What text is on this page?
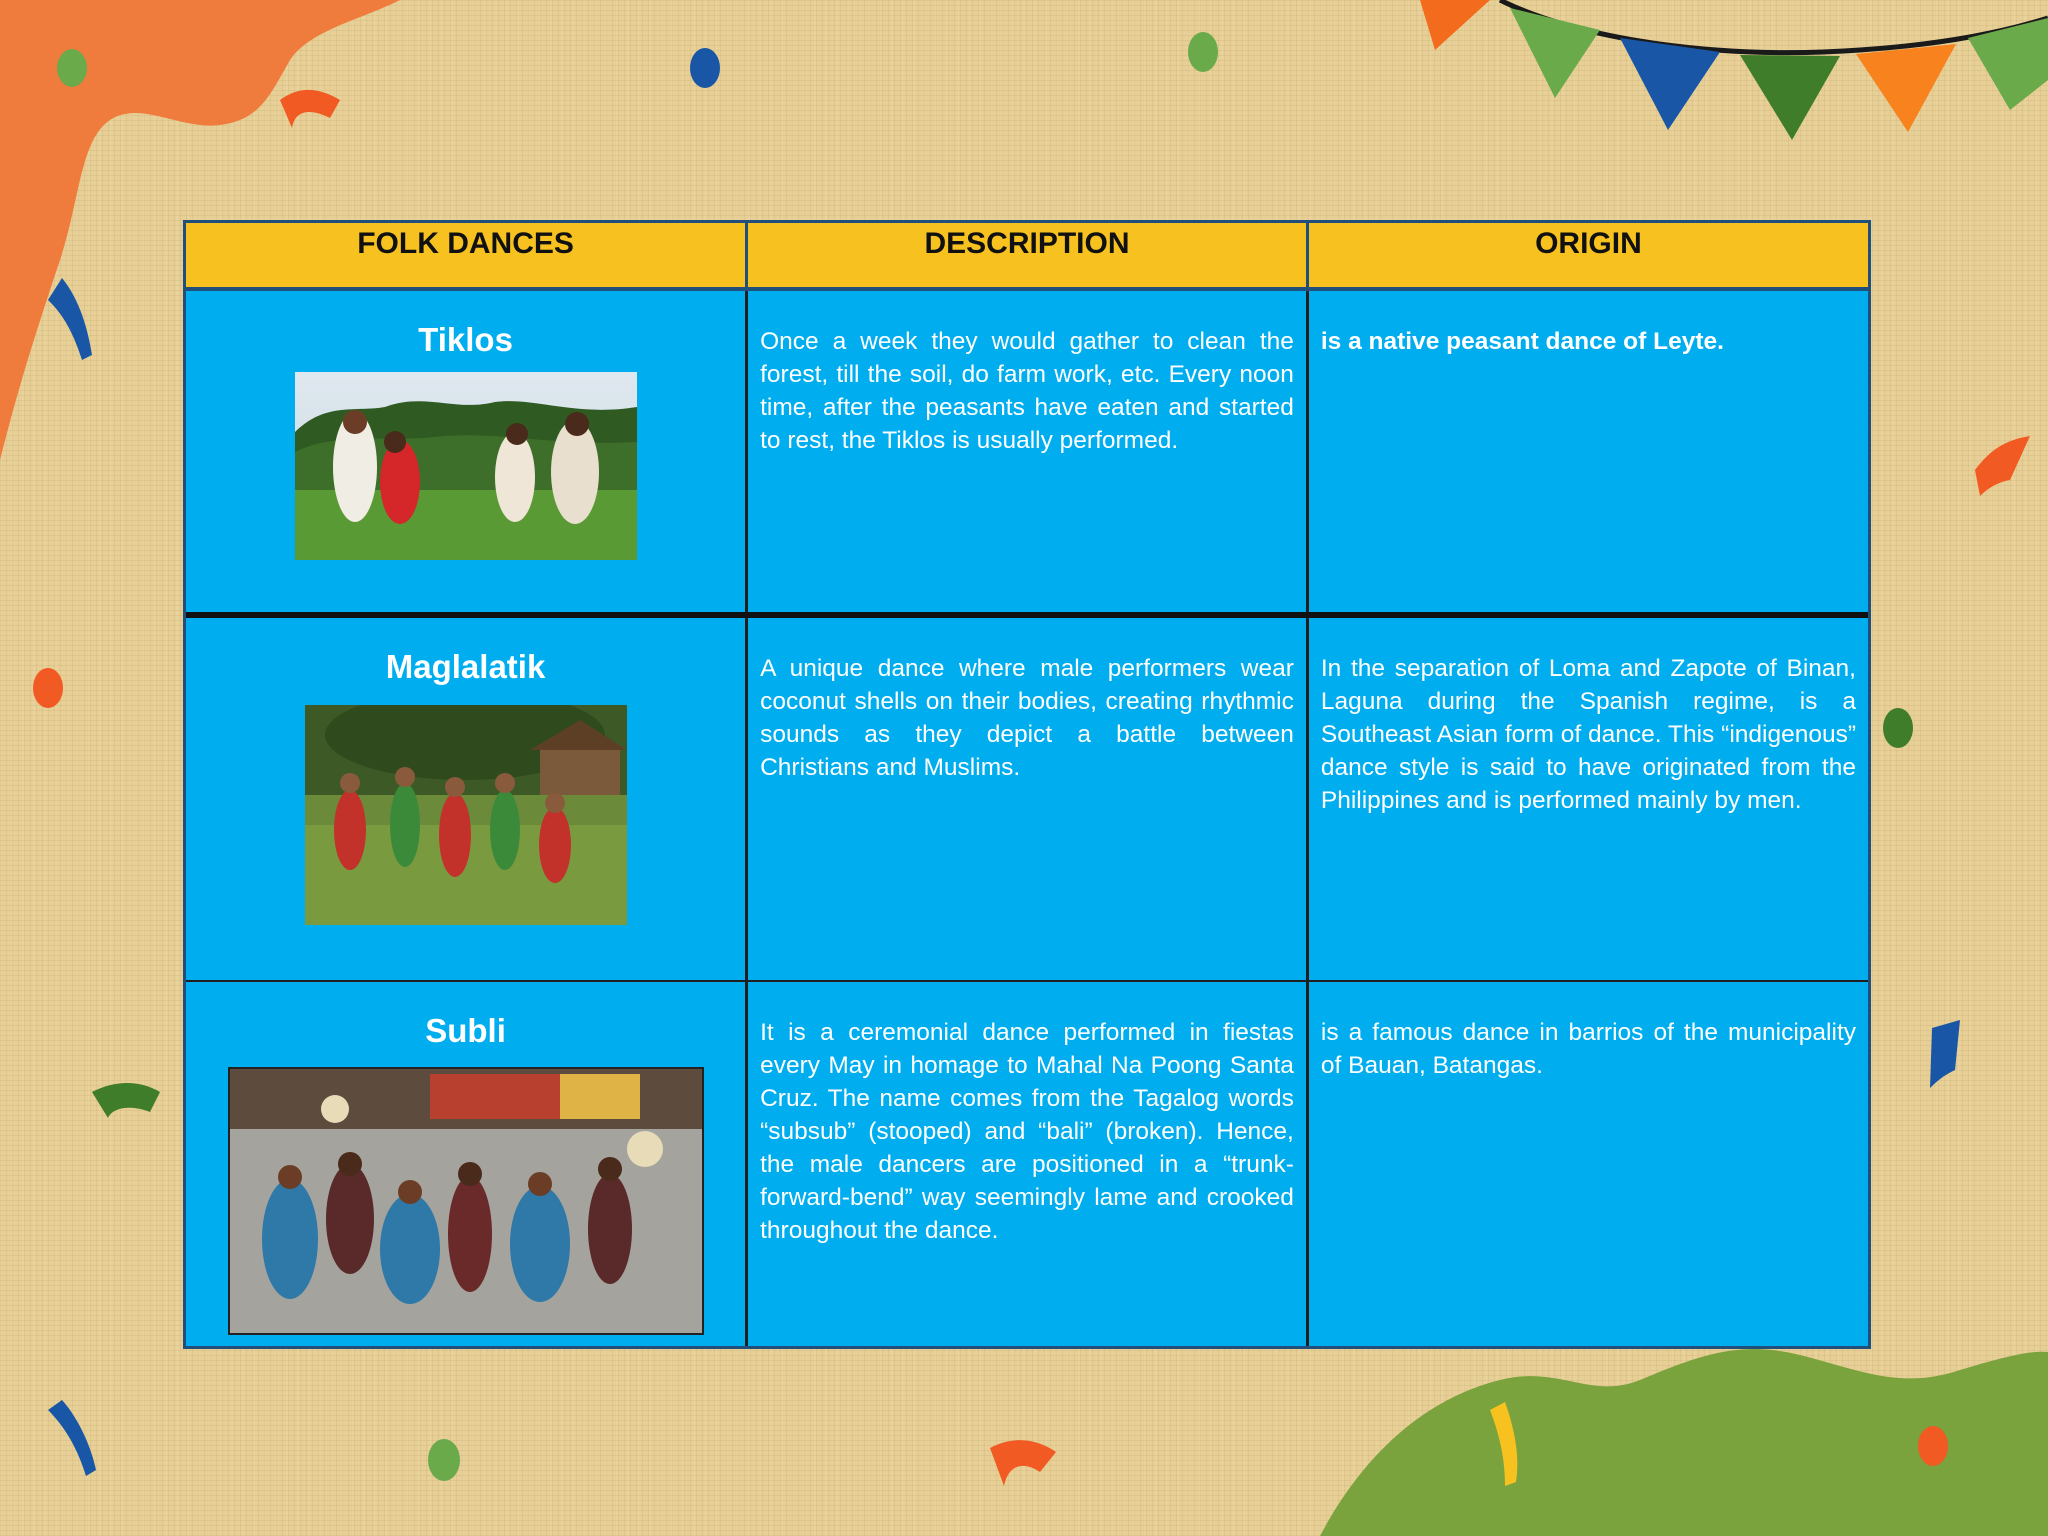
FOLK DANCES	DESCRIPTION	ORIGIN

Tiklos	Once a week they would gather to clean the forest, till the soil, do farm work, etc. Every noon time, after the peasants have eaten and started to rest, the Tiklos is usually performed.	is a native peasant dance of Leyte.

Maglalatik	A unique dance where male performers wear coconut shells on their bodies, creating rhythmic sounds as they depict a battle between Christians and Muslims.	In the separation of Loma and Zapote of Binan, Laguna during the Spanish regime, is a Southeast Asian form of dance. This “indigenous” dance style is said to have originated from the Philippines and is performed mainly by men.

Subli	It is a ceremonial dance performed in fiestas every May in homage to Mahal Na Poong Santa Cruz. The name comes from the Tagalog words “subsub” (stooped) and “bali” (broken). Hence, the male dancers are positioned in a “trunk-forward-bend” way seemingly lame and crooked throughout the dance.	is a famous dance in barrios of the municipality of Bauan, Batangas.
